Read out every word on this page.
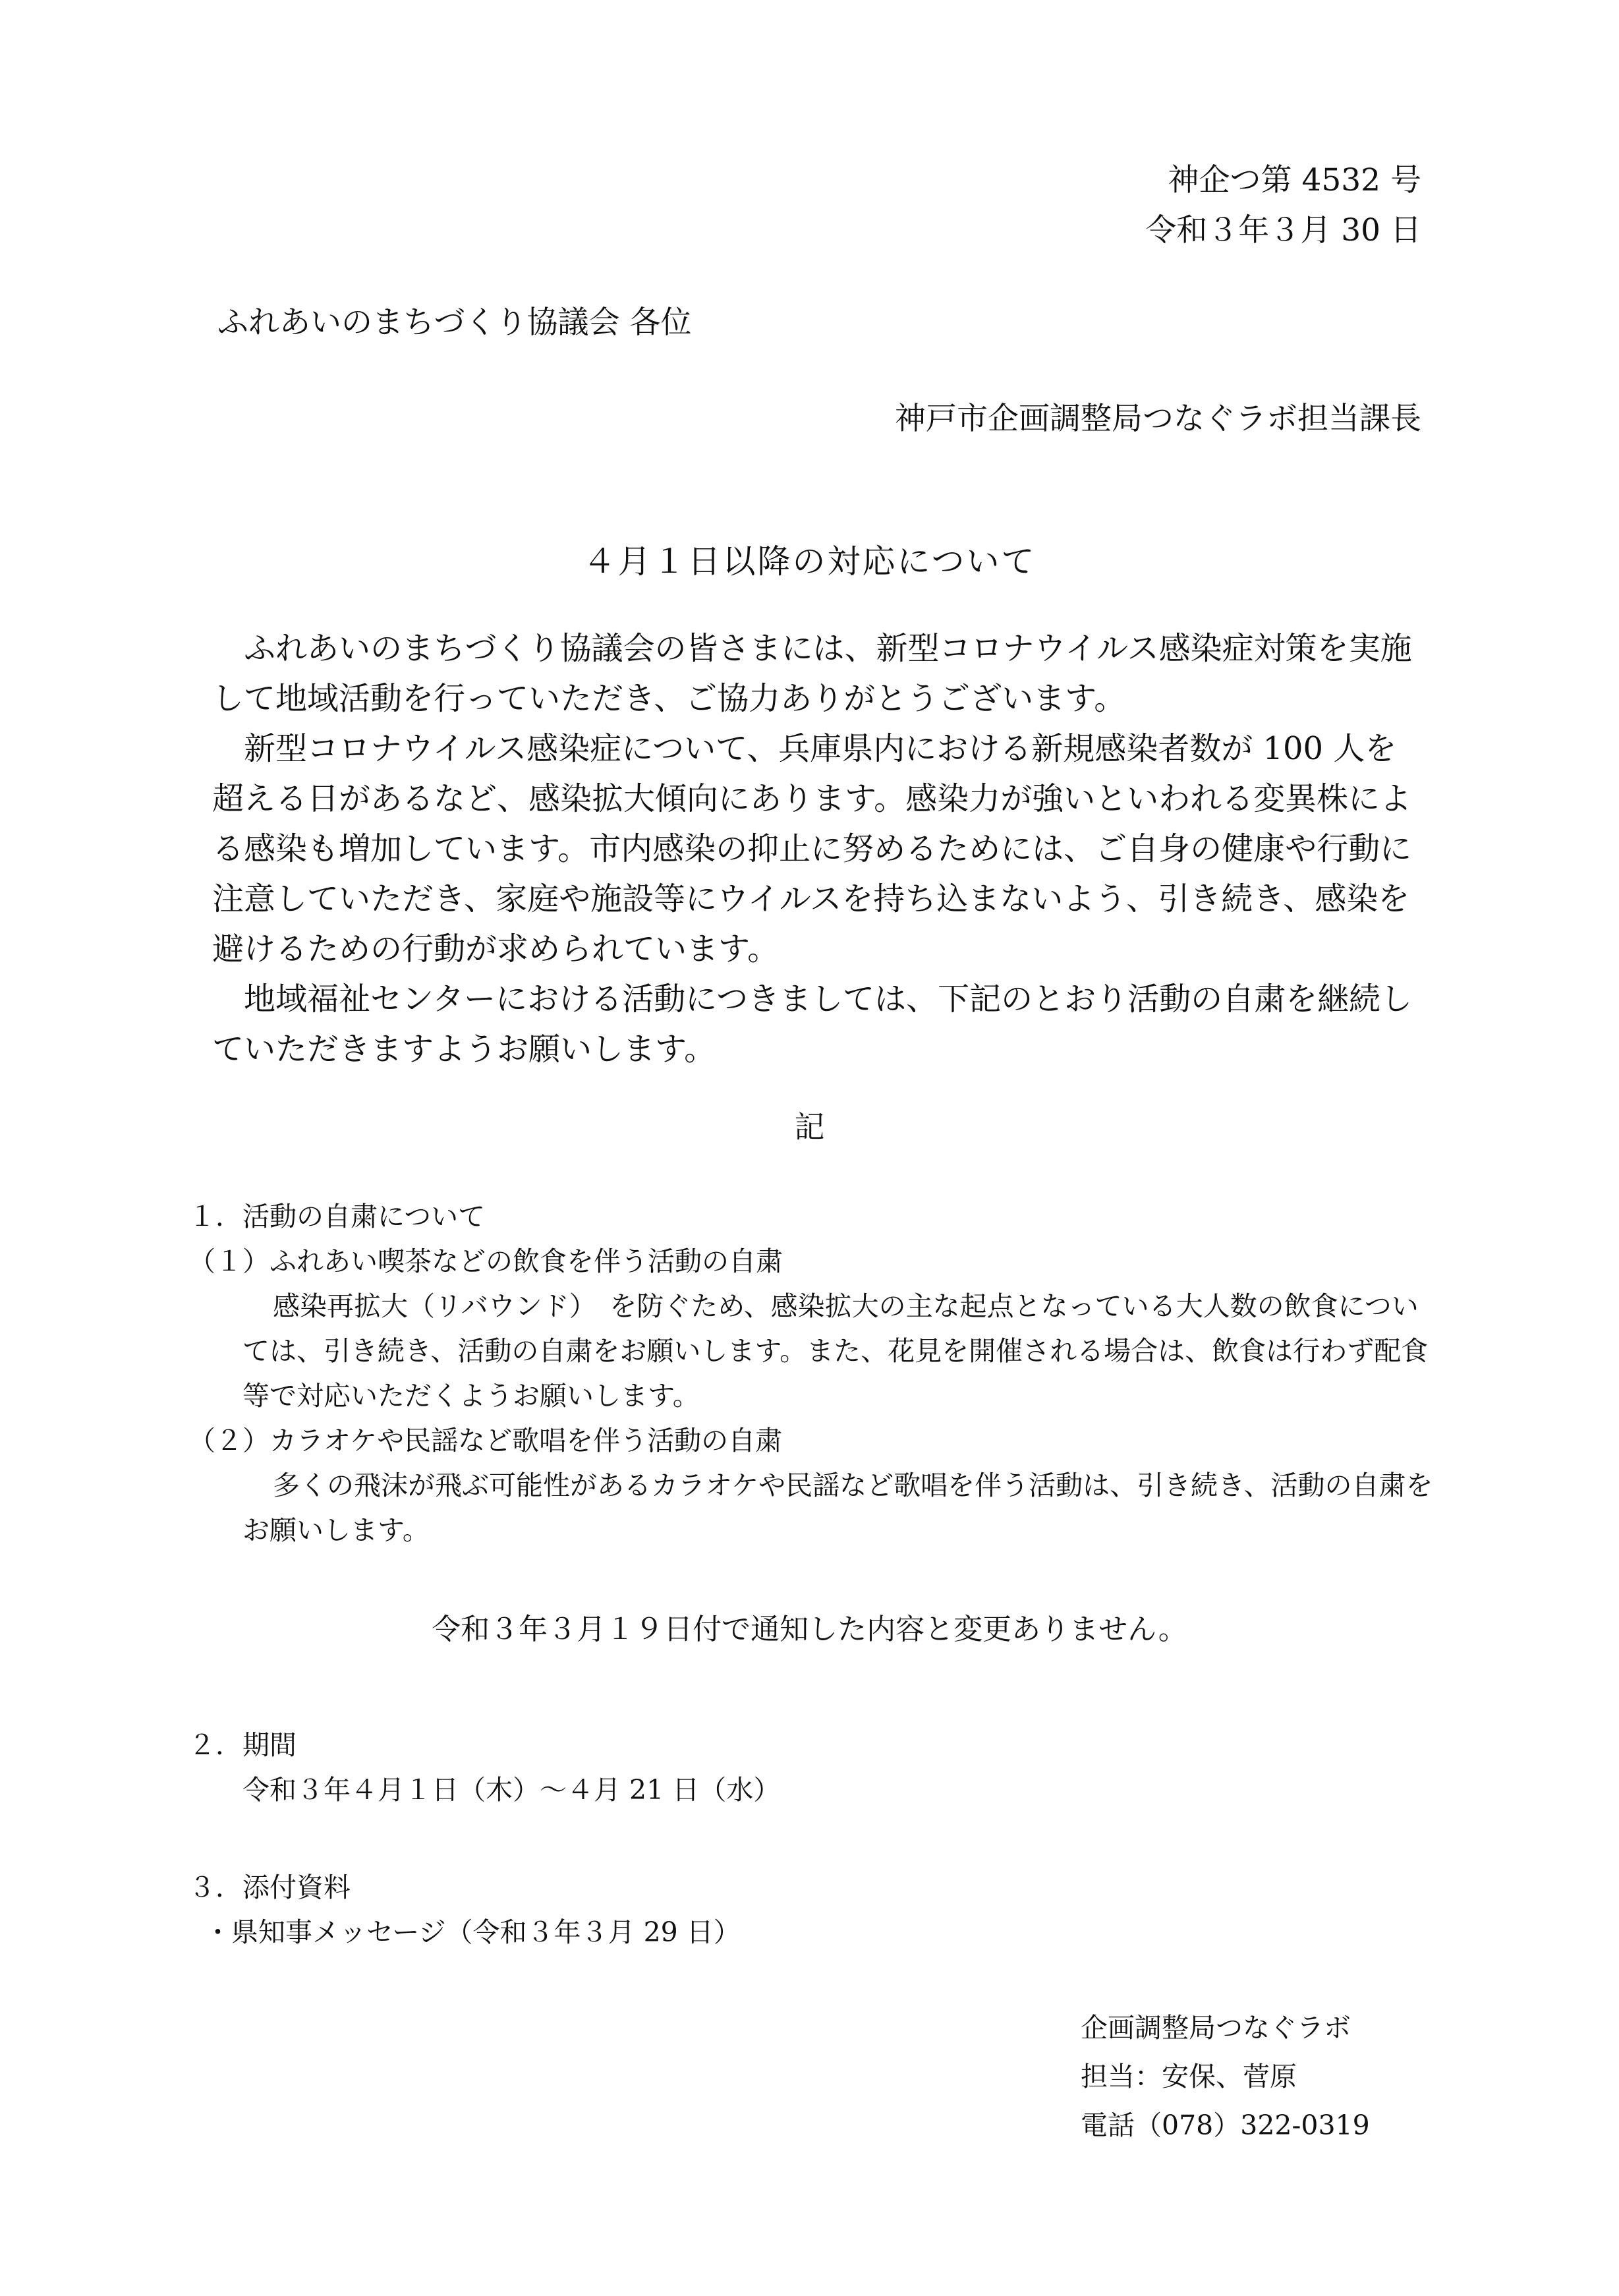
神企つ第 4532 号
令和３年３月 30 日
ふれあいのまちづくり協議会 各位
神戸市企画調整局つなぐラボ担当課長
４月１日以降の対応について

ふれあいのまちづくり協議会の皆さまには、新型コロナウイルス感染症対策を実施して地域活動を行っていただき、ご協力ありがとうございます。

新型コロナウイルス感染症について、兵庫県内における新規感染者数が 100 人を超える日があるなど、感染拡大傾向にあります。感染力が強いといわれる変異株による感染も増加しています。市内感染の抑止に努めるためには、ご自身の健康や行動に注意していただき、家庭や施設等にウイルスを持ち込まないよう、引き続き、感染を避けるための行動が求められています。

地域福祉センターにおける活動につきましては、下記のとおり活動の自粛を継続していただきますようお願いします。

記
１．活動の自粛について
（１）ふれあい喫茶などの飲食を伴う活動の自粛
感染再拡大（リバウンド）　を防ぐため、感染拡大の主な起点となっている大人数の飲食については、引き続き、活動の自粛をお願いします。また、花見を開催される場合は、飲食は行わず配食等で対応いただくようお願いします。
（２）カラオケや民謡など歌唱を伴う活動の自粛
多くの飛沫が飛ぶ可能性があるカラオケや民謡など歌唱を伴う活動は、引き続き、活動の自粛をお願いします。
令和３年３月１９日付で通知した内容と変更ありません。
２．期間
令和３年４月１日（木）～４月 21 日（水）
３．添付資料
・県知事メッセージ（令和３年３月 29 日）
企画調整局つなぐラボ
担当：安保、菅原
電話（078）322-0319
